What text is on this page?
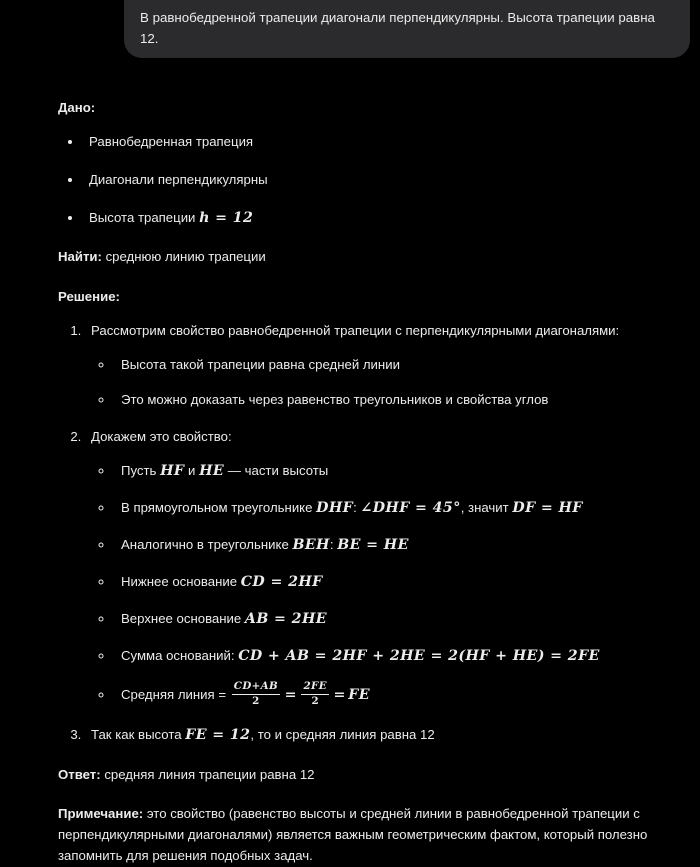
В равнобедренной трапеции диагонали перпендикулярны. Высота трапеции равна 12.

Дано:

• Равнобедренная трапеция
• Диагонали перпендикулярны
• Высота трапеции h = 12

Найти: среднюю линию трапеции

Решение:

1. Рассмотрим свойство равнобедренной трапеции с перпендикулярными диагоналями:
◦ Высота такой трапеции равна средней линии
◦ Это можно доказать через равенство треугольников и свойства углов
2. Докажем это свойство:
◦ Пусть HF и HE — части высоты
◦ В прямоугольном треугольнике DHF: ∠DHF = 45°, значит DF = HF
◦ Аналогично в треугольнике BEH: BE = HE
◦ Нижнее основание CD = 2HF
◦ Верхнее основание AB = 2HE
◦ Сумма оснований: CD + AB = 2HF + 2HE = 2(HF + HE) = 2FE
◦ Средняя линия = $\frac{CD+AB}{2} = \frac{2FE}{2}$ = FE
3. Так как высота FE = 12, то и средняя линия равна 12

Ответ: средняя линия трапеции равна 12

Примечание: это свойство (равенство высоты и средней линии в равнобедренной трапеции с перпендикулярными диагоналями) является важным геометрическим фактом, который полезно запомнить для решения подобных задач.
